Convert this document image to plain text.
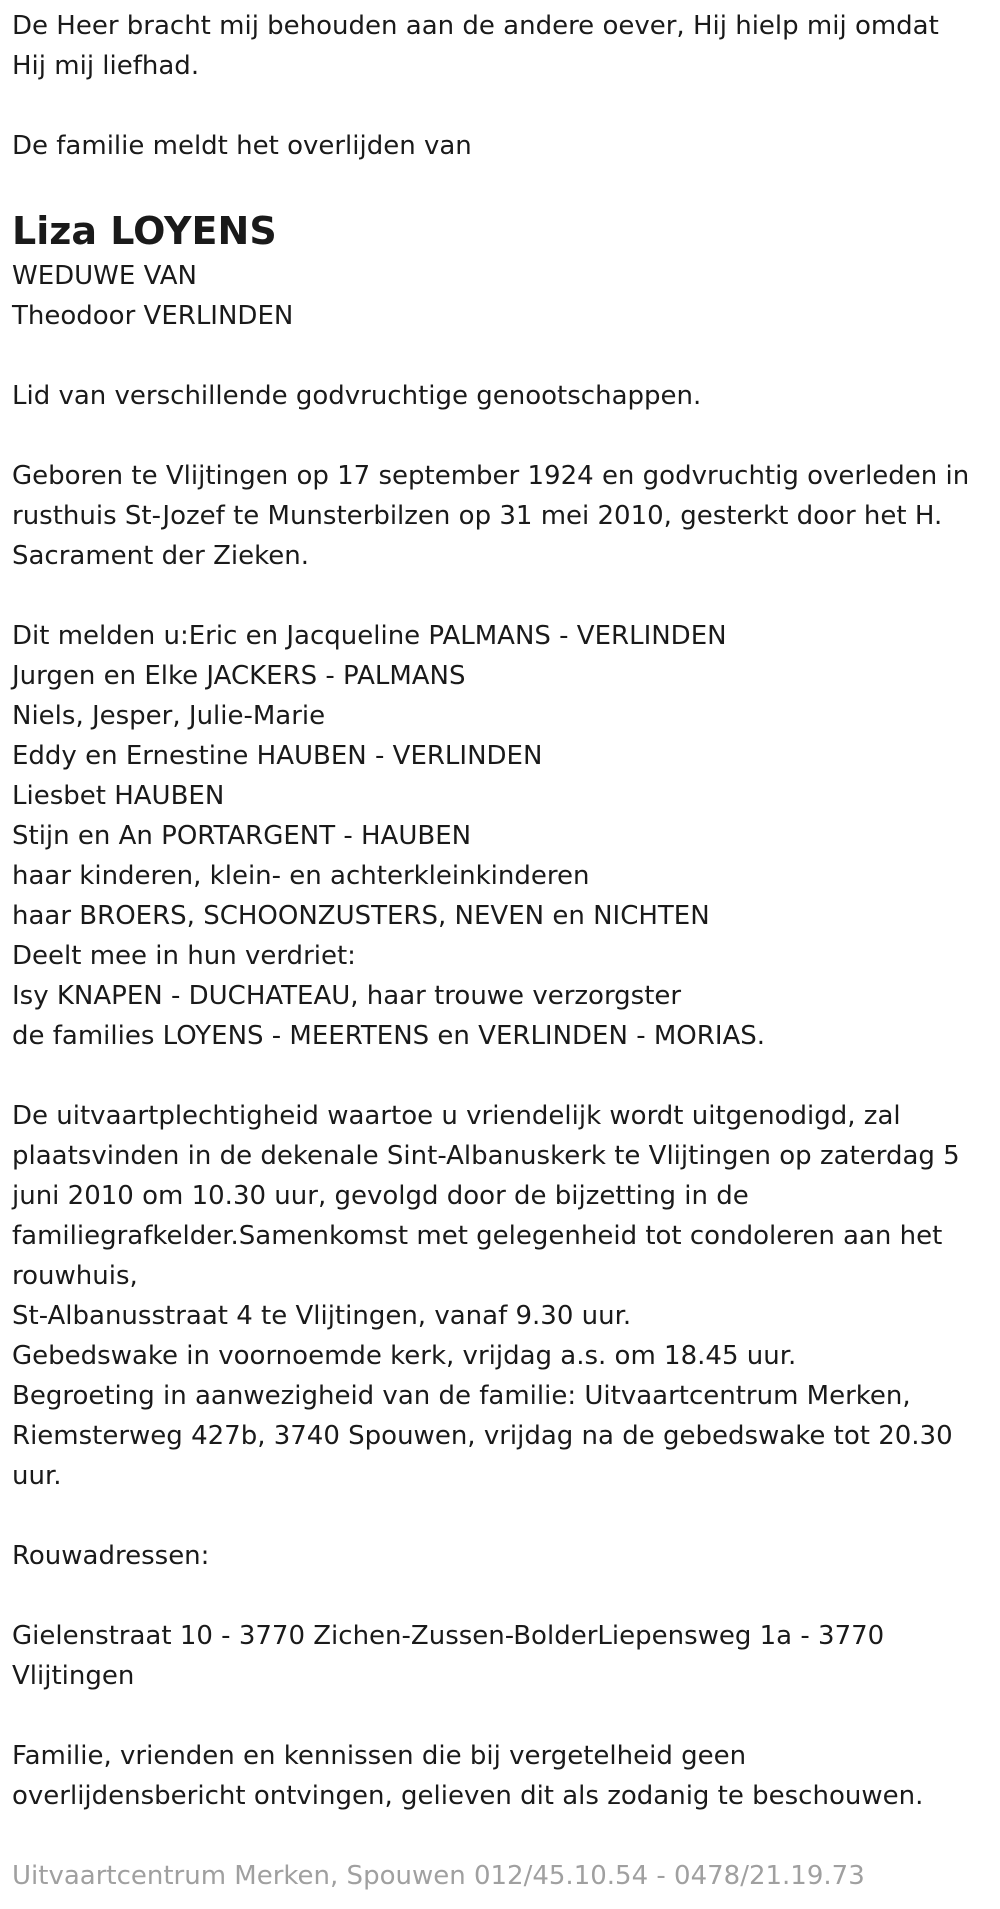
De Heer bracht mij behouden aan de andere oever, Hij hielp mij omdat
Hij mij liefhad.

De familie meldt het overlijden van

Liza LOYENS
WEDUWE VAN
Theodoor VERLINDEN

Lid van verschillende godvruchtige genootschappen.

Geboren te Vlijtingen op 17 september 1924 en godvruchtig overleden in
rusthuis St-Jozef te Munsterbilzen op 31 mei 2010, gesterkt door het H.
Sacrament der Zieken.

Dit melden u:Eric en Jacqueline PALMANS - VERLINDEN
Jurgen en Elke JACKERS - PALMANS
Niels, Jesper, Julie-Marie
Eddy en Ernestine HAUBEN - VERLINDEN
Liesbet HAUBEN
Stijn en An PORTARGENT - HAUBEN
haar kinderen, klein- en achterkleinkinderen
haar BROERS, SCHOONZUSTERS, NEVEN en NICHTEN
Deelt mee in hun verdriet:
Isy KNAPEN - DUCHATEAU, haar trouwe verzorgster
de families LOYENS - MEERTENS en VERLINDEN - MORIAS.

De uitvaartplechtigheid waartoe u vriendelijk wordt uitgenodigd, zal
plaatsvinden in de dekenale Sint-Albanuskerk te Vlijtingen op zaterdag 5
juni 2010 om 10.30 uur, gevolgd door de bijzetting in de
familiegrafkelder.Samenkomst met gelegenheid tot condoleren aan het
rouwhuis,
St-Albanusstraat 4 te Vlijtingen, vanaf 9.30 uur.
Gebedswake in voornoemde kerk, vrijdag a.s. om 18.45 uur.
Begroeting in aanwezigheid van de familie: Uitvaartcentrum Merken,
Riemsterweg 427b, 3740 Spouwen, vrijdag na de gebedswake tot 20.30
uur.

Rouwadressen:

Gielenstraat 10 - 3770 Zichen-Zussen-BolderLiepensweg 1a - 3770
Vlijtingen

Familie, vrienden en kennissen die bij vergetelheid geen
overlijdensbericht ontvingen, gelieven dit als zodanig te beschouwen.

Uitvaartcentrum Merken, Spouwen 012/45.10.54 - 0478/21.19.73
